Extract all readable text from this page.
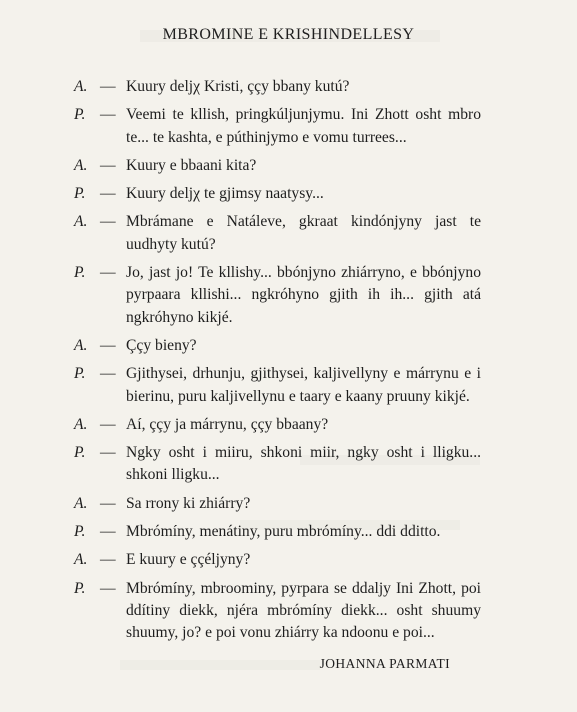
MBROMINE E KRISHINDELLESY
A. — Kuury deljχ Kristi, ççy bbany kutú?
P. — Veemi te kllish, pringkúljunjymu. Ini Zhott osht mbro te... te kashta, e púthinjymo e vomu turrees...
A. — Kuury e bbaani kita?
P. — Kuury deljχ te gjimsy naatysy...
A. — Mbrámane e Natáleve, gkraat kindónjyny jast te uudhyty kutú?
P. — Jo, jast jo! Te kllishy... bbónjyno zhiárryno, e bbónjyno pyrpaara kllishi... ngkróhyno gjith ih ih... gjith atá ngkróhyno kikjé.
A. — Ççy bieny?
P. — Gjithysei, drhunju, gjithysei, kaljivellyny e márrynu e i bierinu, puru kaljivellynu e taary e kaany pruuny kikjé.
A. — Aí, ççy ja márrynu, ççy bbaany?
P. — Ngky osht i miiru, shkoni miir, ngky osht i lligku... shkoni lligku...
A. — Sa rrony ki zhiárry?
P. — Mbrómíny, menátiny, puru mbrómíny... ddi dditto.
A. — E kuury e ççéljyny?
P. — Mbrómíny, mbroominy, pyrpara se ddaljy Ini Zhott, poi ddítiny diekk, njéra mbrómíny diekk... osht shuumy shuumy, jo? e poi vonu zhiárry ka ndoonu e poi...
JOHANNA PARMATI
